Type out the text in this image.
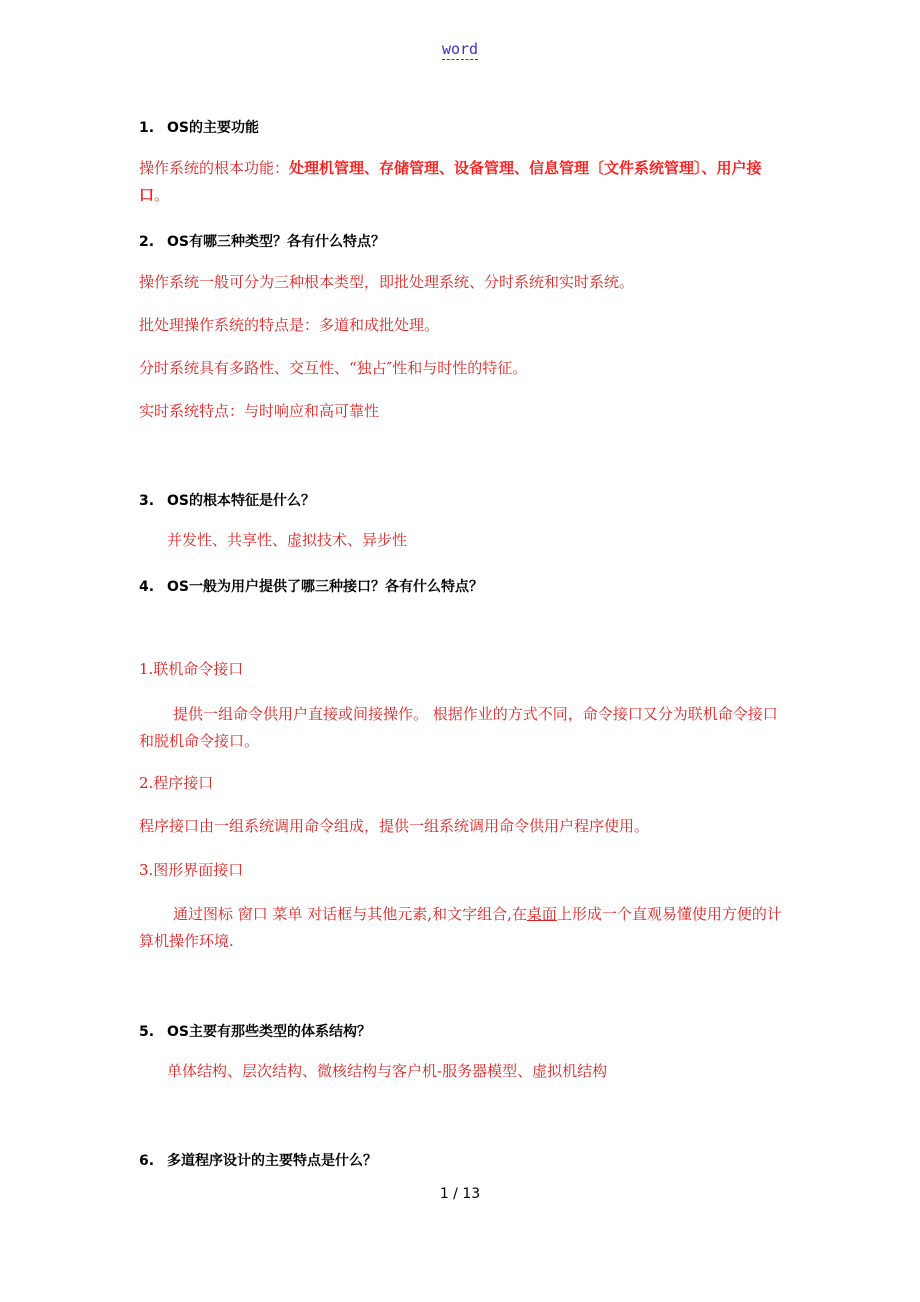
word
1. OS的主要功能
操作系统的根本功能：处理机管理、存储管理、设备管理、信息管理〔文件系统管理〕、用户接口。
2. OS有哪三种类型？各有什么特点？
操作系统一般可分为三种根本类型，即批处理系统、分时系统和实时系统。
批处理操作系统的特点是：多道和成批处理。
分时系统具有多路性、交互性、“独占″性和与时性的特征。
实时系统特点：与时响应和高可靠性
3. OS的根本特征是什么？
并发性、共享性、虚拟技术、异步性
4. OS一般为用户提供了哪三种接口？各有什么特点？
1.联机命令接口
提供一组命令供用户直接或间接操作。 根据作业的方式不同，命令接口又分为联机命令接口和脱机命令接口。
2.程序接口
程序接口由一组系统调用命令组成，提供一组系统调用命令供用户程序使用。
3.图形界面接口
通过图标 窗口 菜单 对话框与其他元素,和文字组合,在桌面上形成一个直观易懂使用方便的计算机操作环境.
5. OS主要有那些类型的体系结构？
单体结构、层次结构、微核结构与客户机-服务器模型、虚拟机结构
6. 多道程序设计的主要特点是什么？
1 / 13
